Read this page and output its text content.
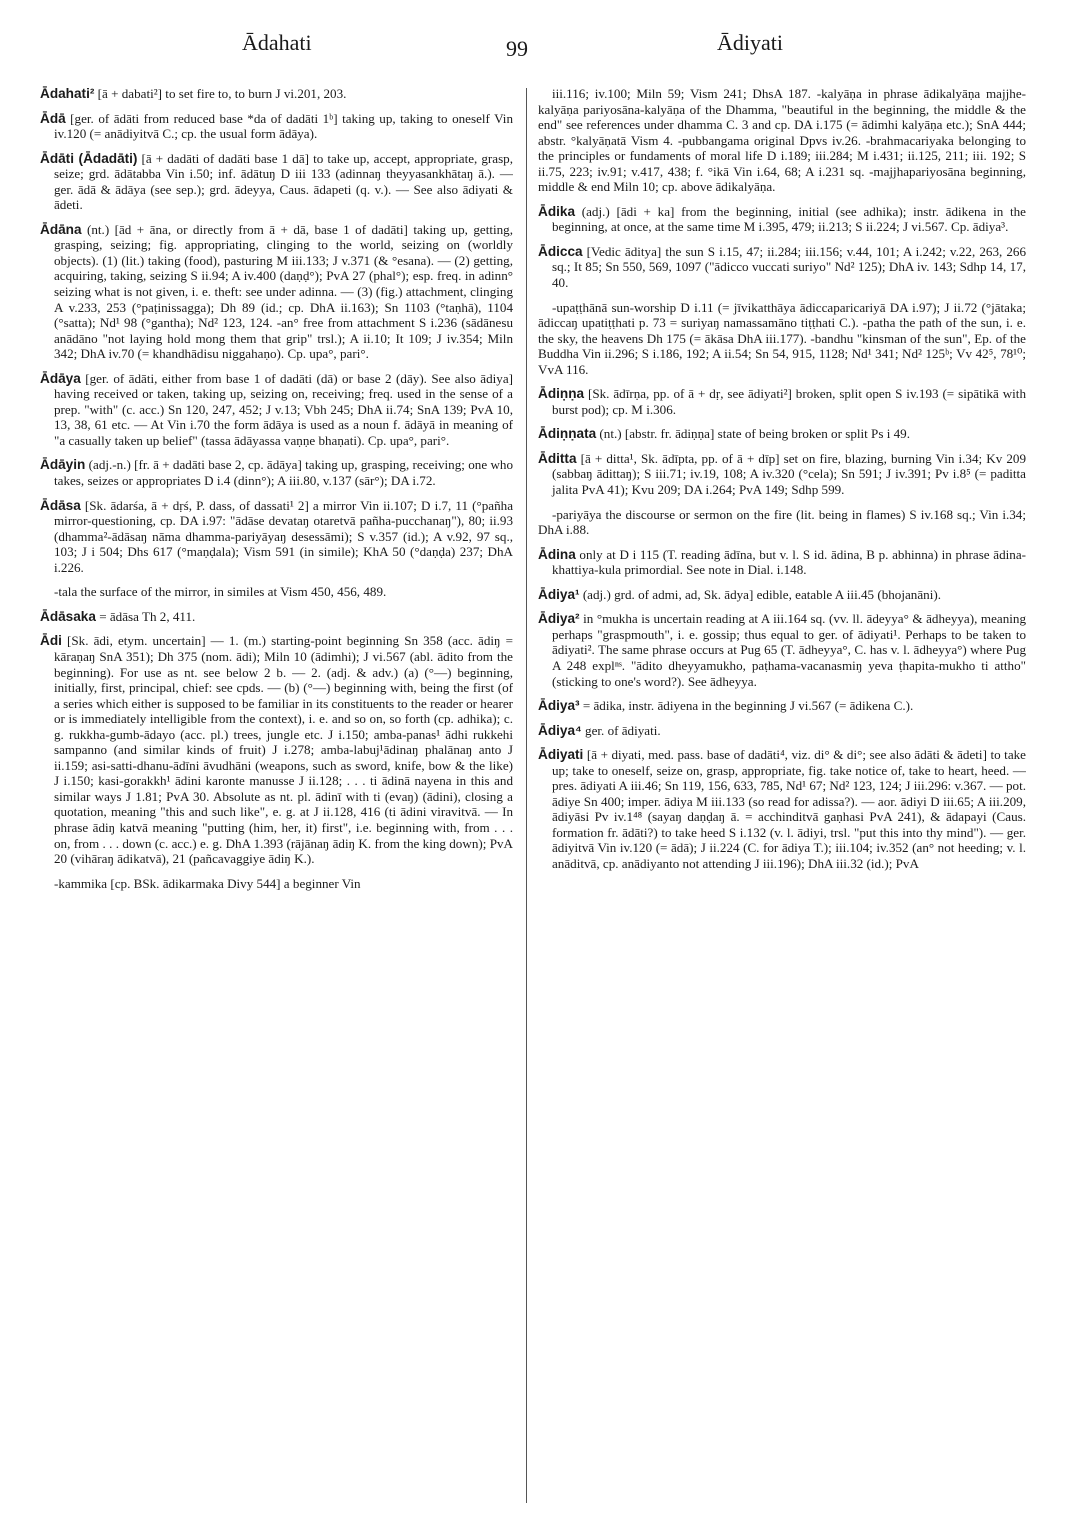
Ādahati	99	Ādiyati

Ādahati² [ā + dabati²] to set fire to, to burn J vi.201, 203.

Ādā [ger. of ādāti from reduced base *da of dadāti 1ᵇ] taking up, taking to oneself Vin iv.120 (= anādiyitvā C.; cp. the usual form ādāya).

Ādāti (Ādadāti) [ā + dadāti of dadāti base 1 dā] to take up, accept, appropriate, grasp, seize; grd. ādātabba Vin i.50; inf. ādātuŋ D iii 133 (adinnaŋ theyyasankhātaŋ ā.). — ger. ādā & ādāya (see sep.); grd. ādeyya, Caus. ādapeti (q. v.). — See also ādiyati & ādeti.

Ādāna (nt.) [ād + āna, or directly from ā + dā, base 1 of dadāti] taking up, getting, grasping, seizing; fig. appropriating, clinging to the world, seizing on (worldly objects). (1) (lit.) taking (food), pasturing M iii.133; J v.371 (& °esana). — (2) getting, acquiring, taking, seizing S ii.94; A iv.400 (daṇḍ°); PvA 27 (phal°); esp. freq. in adinn° seizing what is not given, i. e. theft: see under adinna. — (3) (fig.) attachment, clinging A v.233, 253 (°paṭinissagga); Dh 89 (id.; cp. DhA ii.163); Sn 1103 (°taṇhā), 1104 (°satta); Nd¹ 98 (°gantha); Nd² 123, 124. -an° free from attachment S i.236 (sādānesu anādāno "not laying hold mong them that grip" trsl.); A ii.10; It 109; J iv.354; Miln 342; DhA iv.70 (= khandhādisu niggahaṇo). Cp. upa°, pari°.

Ādāya [ger. of ādāti, either from base 1 of dadāti (dā) or base 2 (dāy). See also ādiya] having received or taken, taking up, seizing on, receiving; freq. used in the sense of a prep. "with" (c. acc.) Sn 120, 247, 452; J v.13; Vbh 245; DhA ii.74; SnA 139; PvA 10, 13, 38, 61 etc. — At Vin i.70 the form ādāya is used as a noun f. ādāyā in meaning of "a casually taken up belief" (tassa ādāyassa vaṇṇe bhaṇati). Cp. upa°, pari°.

Ādāyin (adj.-n.) [fr. ā + dadāti base 2, cp. ādāya] taking up, grasping, receiving; one who takes, seizes or appropriates D i.4 (dinn°); A iii.80, v.137 (sār°); DA i.72.

Ādāsa [Sk. ādarśa, ā + dṛś, P. dass, of dassati¹ 2] a mirror Vin ii.107; D i.7, 11 (°pañha mirror-questioning, cp. DA i.97: "ādāse devataŋ otaretvā pañha-pucchanaŋ"), 80; ii.93 (dhamma²-ādāsaŋ nāma dhamma-pariyāyaŋ desessāmi); S v.357 (id.); A v.92, 97 sq., 103; J i 504; Dhs 617 (°maṇḍala); Vism 591 (in simile); KhA 50 (°daṇḍa) 237; DhA i.226.

-tala the surface of the mirror, in similes at Vism 450, 456, 489.

Ādāsaka = ādāsa Th 2, 411.

Ādi [Sk. ādi, etym. uncertain] — 1. (m.) starting-point beginning Sn 358 (acc. ādiŋ = kāraṇaŋ SnA 351); Dh 375 (nom. ādi); Miln 10 (ādimhi); J vi.567 (abl. ādito from the beginning). For use as nt. see below 2 b. — 2. (adj. & adv.) (a) (°—) beginning, initially, first, principal, chief: see cpds. — (b) (°—) beginning with, being the first (of a series which either is supposed to be familiar in its constituents to the reader or hearer or is immediately intelligible from the context), i. e. and so on, so forth (cp. adhika); c. g. rukkha-gumb-ādayo (acc. pl.) trees, jungle etc. J i.150; amba-panas¹ ādhi rukkehi sampanno (and similar kinds of fruit) J i.278; amba-labuj¹ādinaŋ phalānaŋ anto J ii.159; asi-satti-dhanu-ādīni āvudhāni (weapons, such as sword, knife, bow & the like) J i.150; kasi-gorakkh¹ ādini karonte manusse J ii.128; . . . ti ādinā nayena in this and similar ways J 1.81; PvA 30. Absolute as nt. pl. ādinī with ti (evaŋ) (ādini), closing a quotation, meaning "this and such like", e. g. at J ii.128, 416 (ti ādini viravitvā. — In phrase ādiŋ katvā meaning "putting (him, her, it) first", i.e. beginning with, from . . . on, from . . . down (c. acc.) e. g. DhA 1.393 (rājānaŋ ādiŋ K. from the king down); PvA 20 (vihāraŋ ādikatvā), 21 (pañcavaggiye ādiŋ K.).

-kammika [cp. BSk. ādikarmaka Divy 544] a beginner Vin

iii.116; iv.100; Miln 59; Vism 241; DhsA 187. -kalyāṇa in phrase ādikalyāṇa majjhe-kalyāṇa pariyosāna-kalyāṇa of the Dhamma, "beautiful in the beginning, the middle & the end" see references under dhamma C. 3 and cp. DA i.175 (= ādimhi kalyāṇa etc.); SnA 444; abstr. °kalyāṇatā Vism 4. -pubbangama original Dpvs iv.26. -brahmacariyaka belonging to the principles or fundaments of moral life D i.189; iii.284; M i.431; ii.125, 211; iii. 192; S ii.75, 223; iv.91; v.417, 438; f. °ikā Vin i.64, 68; A i.231 sq. -majjhapariyosāna beginning, middle & end Miln 10; cp. above ādikalyāṇa.

Ādika (adj.) [ādi + ka] from the beginning, initial (see adhika); instr. ādikena in the beginning, at once, at the same time M i.395, 479; ii.213; S ii.224; J vi.567. Cp. ādiya³.

Ādicca [Vedic āditya] the sun S i.15, 47; ii.284; iii.156; v.44, 101; A i.242; v.22, 263, 266 sq.; It 85; Sn 550, 569, 1097 ("ādicco vuccati suriyo" Nd² 125); DhA iv. 143; Sdhp 14, 17, 40.

-upaṭṭhānā sun-worship D i.11 (= jīvikatthāya ādiccaparicariyā DA i.97); J ii.72 (°jātaka; ādiccaŋ upatiṭṭhati p. 73 = suriyaŋ namassamāno tiṭṭhati C.). -patha the path of the sun, i. e. the sky, the heavens Dh 175 (= ākāsa DhA iii.177). -bandhu "kinsman of the sun", Ep. of the Buddha Vin ii.296; S i.186, 192; A ii.54; Sn 54, 915, 1128; Nd¹ 341; Nd² 125ᵇ; Vv 42⁵, 78¹⁰; VvA 116.

Ādiṇṇa [Sk. ādīrṇa, pp. of ā + dṛ, see ādiyati²] broken, split open S iv.193 (= sipātikā with burst pod); cp. M i.306.

Ādiṇṇata (nt.) [abstr. fr. ādiṇṇa] state of being broken or split Ps i 49.

Āditta [ā + ditta¹, Sk. ādīpta, pp. of ā + dīp] set on fire, blazing, burning Vin i.34; Kv 209 (sabbaŋ ādittaŋ); S iii.71; iv.19, 108; A iv.320 (°cela); Sn 591; J iv.391; Pv i.8⁵ (= paditta jalita PvA 41); Kvu 209; DA i.264; PvA 149; Sdhp 599.

-pariyāya the discourse or sermon on the fire (lit. being in flames) S iv.168 sq.; Vin i.34; DhA i.88.

Ādina only at D i 115 (T. reading ādīna, but v. l. S id. ādina, B p. abhinna) in phrase ādina-khattiya-kula primordial. See note in Dial. i.148.

Ādiya¹ (adj.) grd. of admi, ad, Sk. ādya] edible, eatable A iii.45 (bhojanāni).

Ādiya² in °mukha is uncertain reading at A iii.164 sq. (vv. ll. ādeyya° & ādheyya), meaning perhaps "graspmouth", i. e. gossip; thus equal to ger. of ādiyati¹. Perhaps to be taken to ādiyati². The same phrase occurs at Pug 65 (T. ādheyya°, C. has v. l. ādheyya°) where Pug A 248 explⁿˢ. "ādito dheyyamukho, paṭhama-vacanasmiŋ yeva ṭhapita-mukho ti attho" (sticking to one's word?). See ādheyya.

Ādiya³ = ādika, instr. ādiyena in the beginning J vi.567 (= ādikena C.).

Ādiya⁴ ger. of ādiyati.

Ādiyati [ā + diyati, med. pass. base of dadāti⁴, viz. di° & di°; see also ādāti & ādeti] to take up; take to oneself, seize on, grasp, appropriate, fig. take notice of, take to heart, heed. — pres. ādiyati A iii.46; Sn 119, 156, 633, 785, Nd¹ 67; Nd² 123, 124; J iii.296: v.367. — pot. ādiye Sn 400; imper. ādiya M iii.133 (so read for adissa?). — aor. ādiyi D iii.65; A iii.209, ādiyāsi Pv iv.1⁴⁸ (sayaŋ daṇḍaŋ ā. = acchinditvā gaṇhasi PvA 241), & ādapayi (Caus. formation fr. ādāti?) to take heed S i.132 (v. l. ādiyi, trsl. "put this into thy mind"). — ger. ādiyitvā Vin iv.120 (= ādā); J ii.224 (C. for ādiya T.); iii.104; iv.352 (an° not heeding; v. l. anāditvā, cp. anādiyanto not attending J iii.196); DhA iii.32 (id.); PvA
